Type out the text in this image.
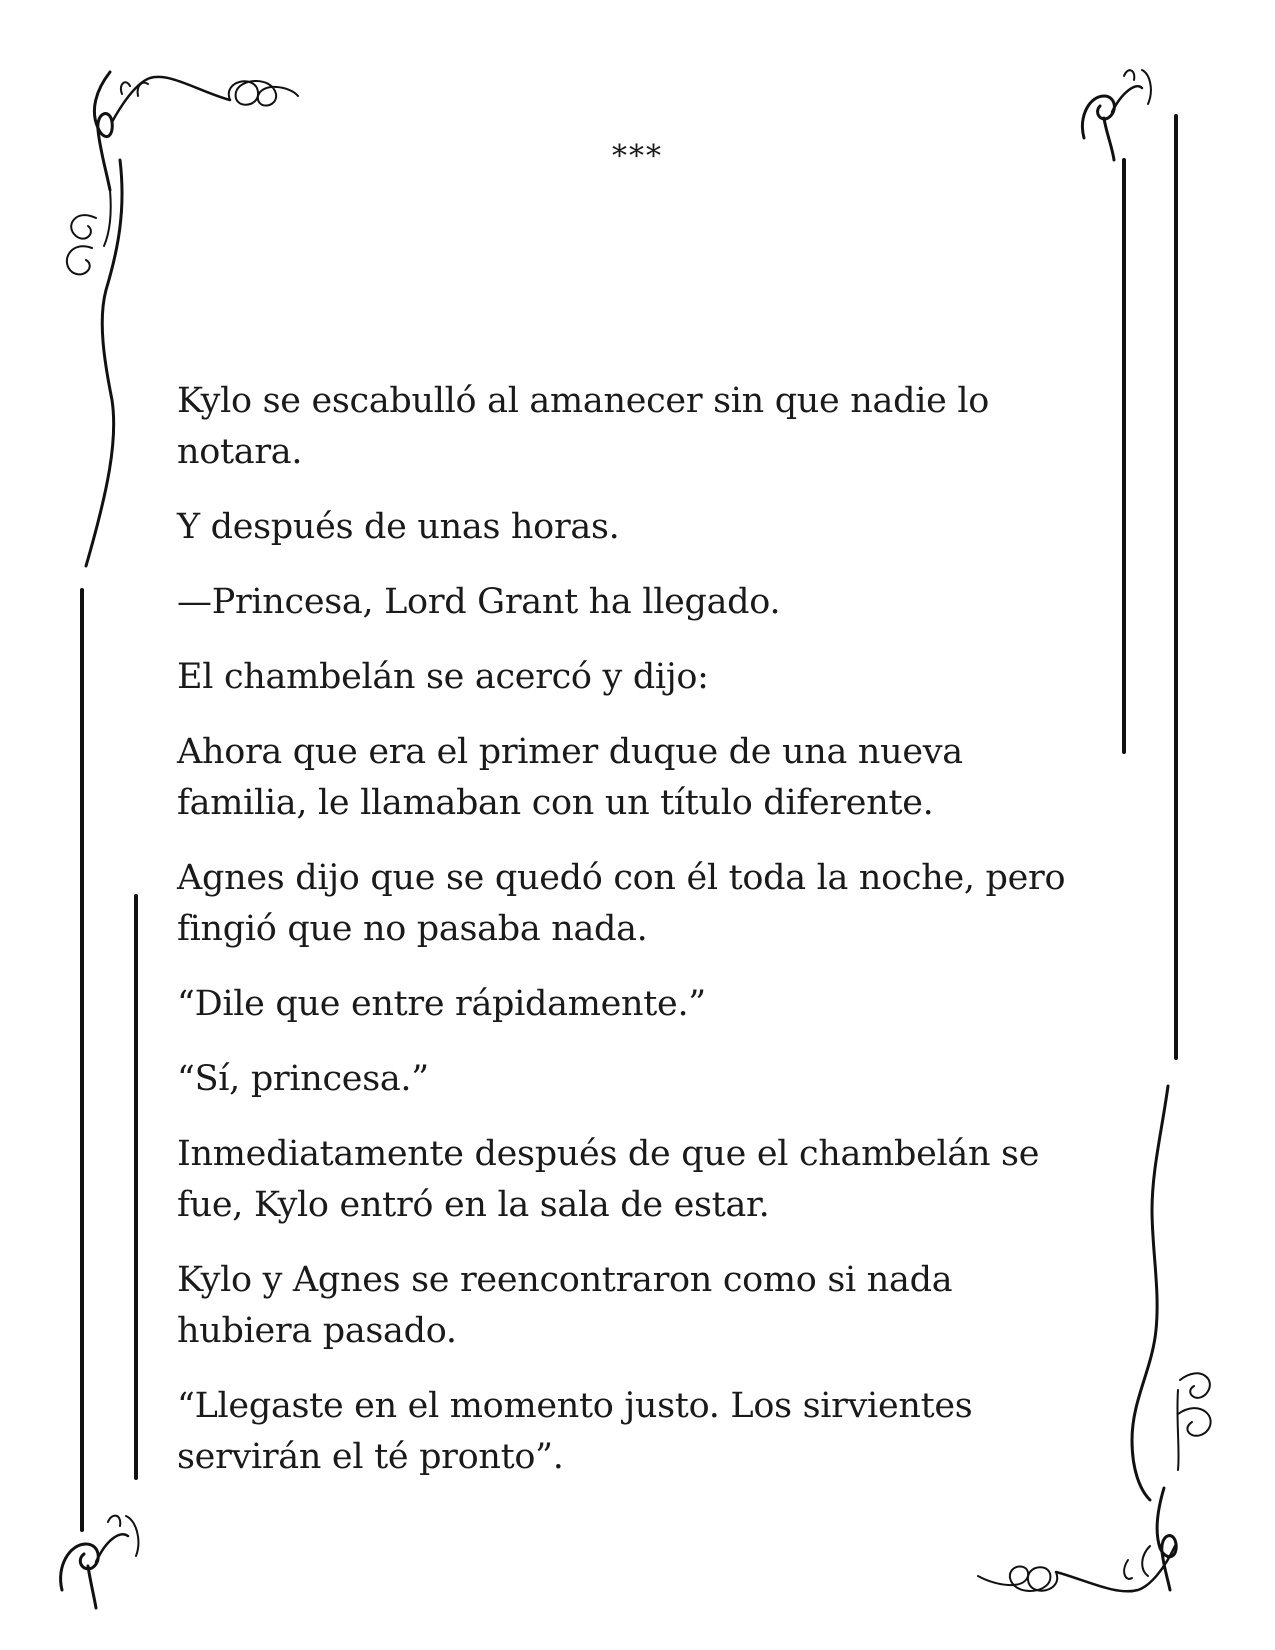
***

Kylo se escabulló al amanecer sin que nadie lo notara.

Y después de unas horas.

—Princesa, Lord Grant ha llegado.

El chambelán se acercó y dijo:

Ahora que era el primer duque de una nueva familia, le llamaban con un título diferente.

Agnes dijo que se quedó con él toda la noche, pero fingió que no pasaba nada.

“Dile que entre rápidamente.”

“Sí, princesa.”

Inmediatamente después de que el chambelán se fue, Kylo entró en la sala de estar.

Kylo y Agnes se reencontraron como si nada hubiera pasado.

“Llegaste en el momento justo. Los sirvientes servirán el té pronto”.
